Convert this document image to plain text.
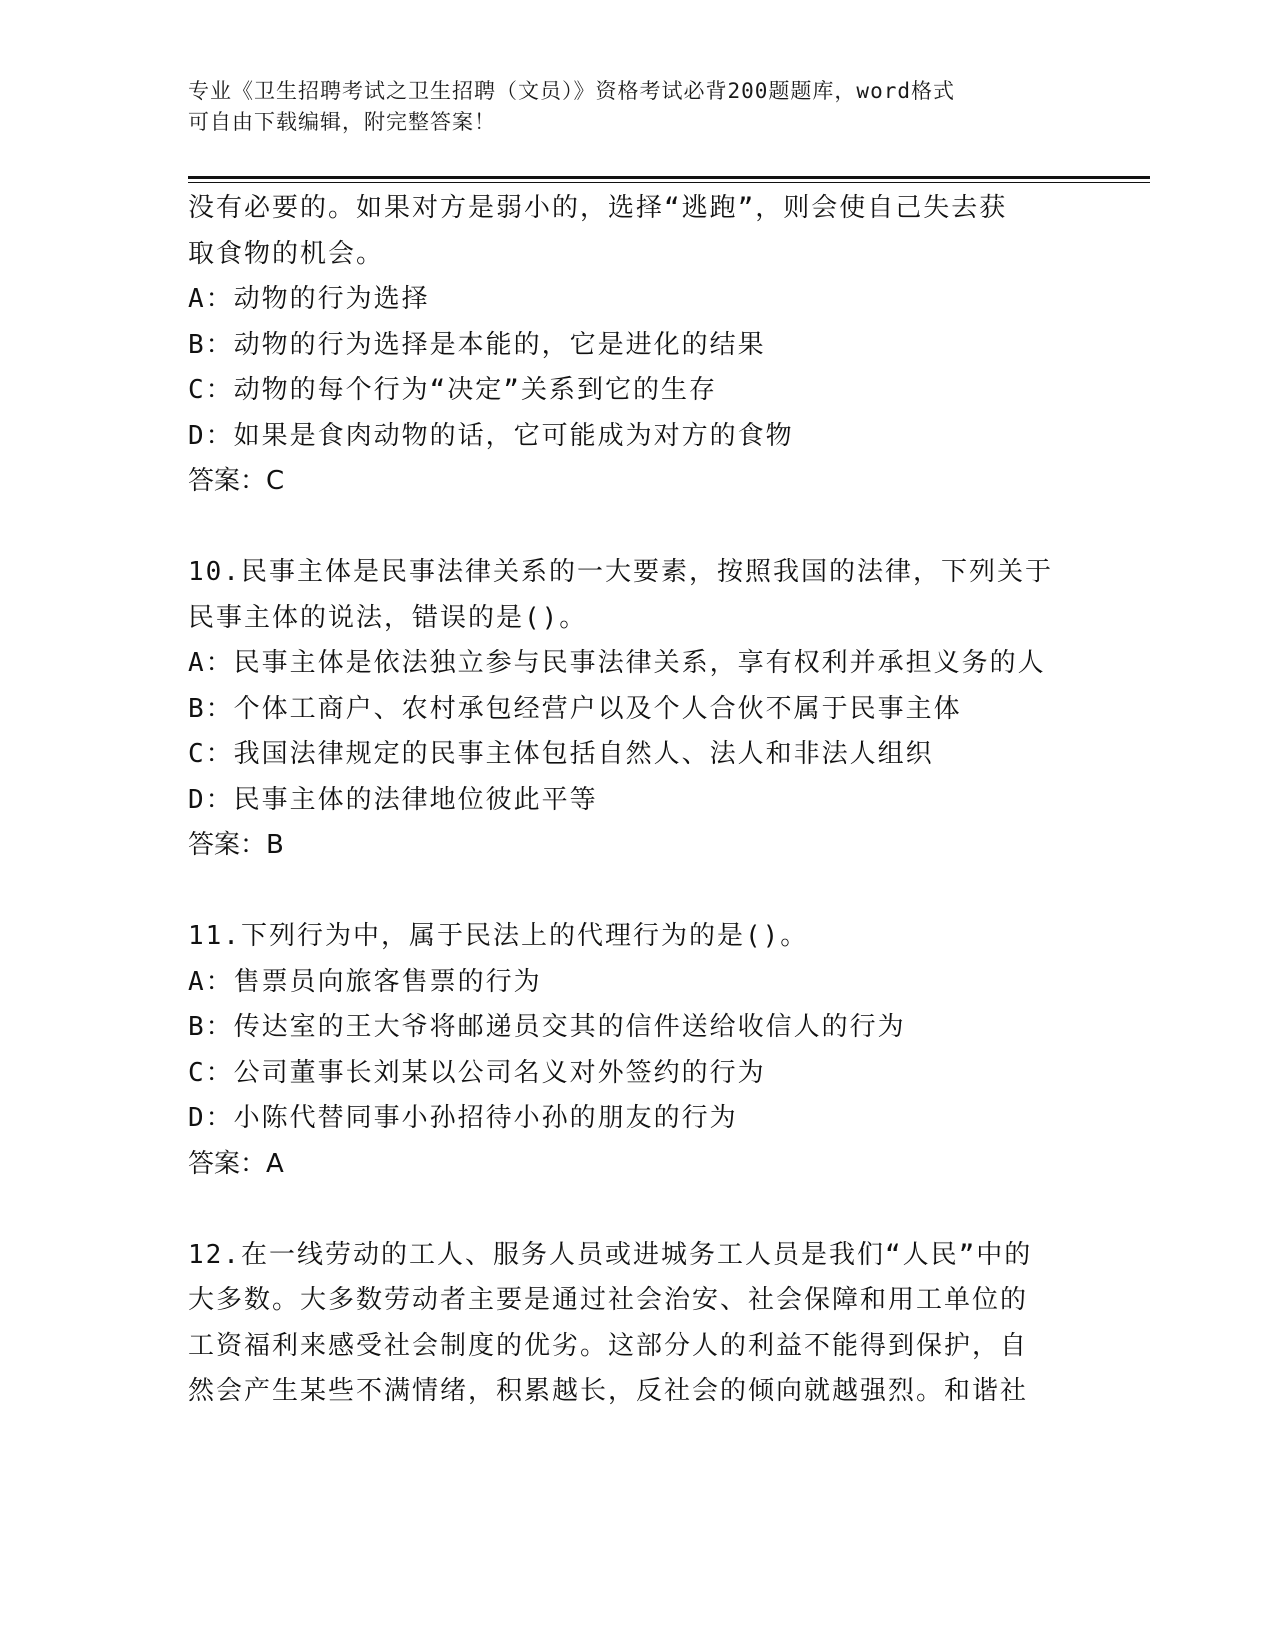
专业《卫生招聘考试之卫生招聘（文员）》资格考试必背200题题库，word格式
可自由下载编辑，附完整答案！
没有必要的。如果对方是弱小的，选择“逃跑”，则会使自己失去获
取食物的机会。
A：动物的行为选择
B：动物的行为选择是本能的，它是进化的结果
C：动物的每个行为“决定”关系到它的生存
D：如果是食肉动物的话，它可能成为对方的食物
答案：C
10.民事主体是民事法律关系的一大要素，按照我国的法律，下列关于
民事主体的说法，错误的是()。
A：民事主体是依法独立参与民事法律关系，享有权利并承担义务的人
B：个体工商户、农村承包经营户以及个人合伙不属于民事主体
C：我国法律规定的民事主体包括自然人、法人和非法人组织
D：民事主体的法律地位彼此平等
答案：B
11.下列行为中，属于民法上的代理行为的是()。
A：售票员向旅客售票的行为
B：传达室的王大爷将邮递员交其的信件送给收信人的行为
C：公司董事长刘某以公司名义对外签约的行为
D：小陈代替同事小孙招待小孙的朋友的行为
答案：A
12.在一线劳动的工人、服务人员或进城务工人员是我们“人民”中的
大多数。大多数劳动者主要是通过社会治安、社会保障和用工单位的
工资福利来感受社会制度的优劣。这部分人的利益不能得到保护，自
然会产生某些不满情绪，积累越长，反社会的倾向就越强烈。和谐社
